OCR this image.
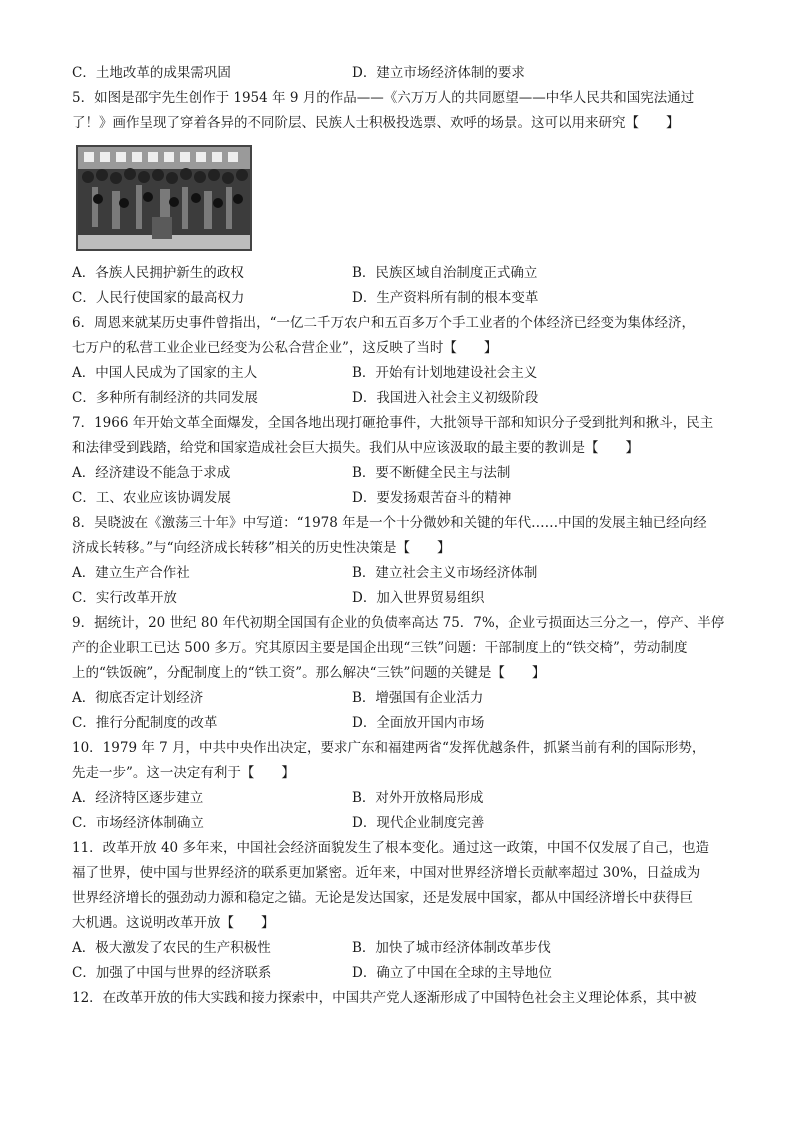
C．土地改革的成果需巩固	D．建立市场经济体制的要求
5．如图是邵宇先生创作于 1954 年 9 月的作品——《六万万人的共同愿望——中华人民共和国宪法通过
了！》画作呈现了穿着各异的不同阶层、民族人士积极投选票、欢呼的场景。这可以用来研究【　　】
A．各族人民拥护新生的政权	B．民族区域自治制度正式确立
C．人民行使国家的最高权力	D．生产资料所有制的根本变革
6．周恩来就某历史事件曾指出，“一亿二千万农户和五百多万个手工业者的个体经济已经变为集体经济，
七万户的私营工业企业已经变为公私合营企业”，这反映了当时【　　】
A．中国人民成为了国家的主人	B．开始有计划地建设社会主义
C．多种所有制经济的共同发展	D．我国进入社会主义初级阶段
7．1966 年开始文革全面爆发，全国各地出现打砸抢事件，大批领导干部和知识分子受到批判和揪斗，民主
和法律受到践踏，给党和国家造成社会巨大损失。我们从中应该汲取的最主要的教训是【　　】
A．经济建设不能急于求成	B．要不断健全民主与法制
C．工、农业应该协调发展	D．要发扬艰苦奋斗的精神
8．吴晓波在《激荡三十年》中写道：“1978 年是一个十分微妙和关键的年代……中国的发展主轴已经向经
济成长转移。”与“向经济成长转移”相关的历史性决策是【　　】
A．建立生产合作社	B．建立社会主义市场经济体制
C．实行改革开放	D．加入世界贸易组织
9．据统计，20 世纪 80 年代初期全国国有企业的负债率高达 75．7%，企业亏损面达三分之一，停产、半停
产的企业职工已达 500 多万。究其原因主要是国企出现“三铁”问题：干部制度上的“铁交椅”，劳动制度
上的“铁饭碗”，分配制度上的“铁工资”。那么解决“三铁”问题的关键是【　　】
A．彻底否定计划经济	B．增强国有企业活力
C．推行分配制度的改革	D．全面放开国内市场
10．1979 年 7 月，中共中央作出决定，要求广东和福建两省“发挥优越条件，抓紧当前有利的国际形势，
先走一步”。这一决定有利于【　　】
A．经济特区逐步建立	B．对外开放格局形成
C．市场经济体制确立	D．现代企业制度完善
11．改革开放 40 多年来，中国社会经济面貌发生了根本变化。通过这一政策，中国不仅发展了自己，也造
福了世界，使中国与世界经济的联系更加紧密。近年来，中国对世界经济增长贡献率超过 30%，日益成为
世界经济增长的强劲动力源和稳定之锚。无论是发达国家，还是发展中国家，都从中国经济增长中获得巨
大机遇。这说明改革开放【　　】
A．极大激发了农民的生产积极性	B．加快了城市经济体制改革步伐
C．加强了中国与世界的经济联系	D．确立了中国在全球的主导地位
12．在改革开放的伟大实践和接力探索中，中国共产党人逐渐形成了中国特色社会主义理论体系，其中被
